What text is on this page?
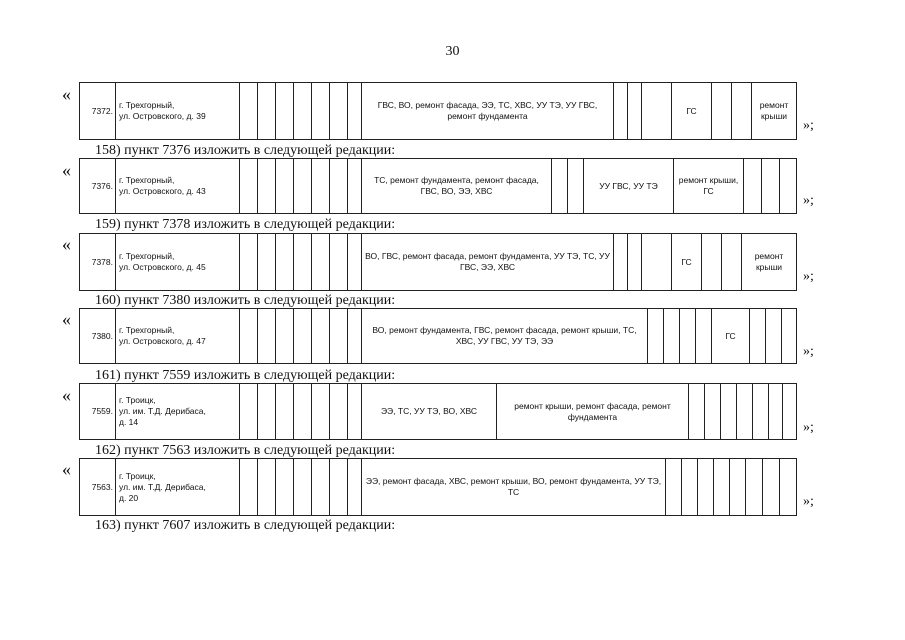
30
«
7372.
г. Трехгорный,
ул. Островского, д. 39
ГВС, ВО, ремонт фасада, ЭЭ, ТС, ХВС, УУ ТЭ, УУ ГВС, ремонт фундамента
ГС
ремонт крыши
»;
158) пункт 7376 изложить в следующей редакции:
«
7376.
г. Трехгорный,
ул. Островского, д. 43
ТС, ремонт фундамента, ремонт фасада, ГВС, ВО, ЭЭ, ХВС
УУ ГВС, УУ ТЭ
ремонт крыши, ГС
»;
159) пункт 7378 изложить в следующей редакции:
«
7378.
г. Трехгорный,
ул. Островского, д. 45
ВО, ГВС, ремонт фасада, ремонт фундамента, УУ ТЭ, ТС, УУ ГВС, ЭЭ, ХВС
ГС
ремонт крыши
»;
160) пункт 7380 изложить в следующей редакции:
«
7380.
г. Трехгорный,
ул. Островского, д. 47
ВО, ремонт фундамента, ГВС, ремонт фасада, ремонт крыши, ТС, ХВС, УУ ГВС, УУ ТЭ, ЭЭ
ГС
»;
161) пункт 7559 изложить в следующей редакции:
«
7559.
г. Троицк,
ул. им. Т.Д. Дерибаса,
д. 14
ЭЭ, ТС, УУ ТЭ, ВО, ХВС
ремонт крыши, ремонт фасада, ремонт фундамента
»;
162) пункт 7563 изложить в следующей редакции:
«
7563.
г. Троицк,
ул. им. Т.Д. Дерибаса,
д. 20
ЭЭ, ремонт фасада, ХВС, ремонт крыши, ВО, ремонт фундамента, УУ ТЭ, ТС
»;
163) пункт 7607 изложить в следующей редакции:
